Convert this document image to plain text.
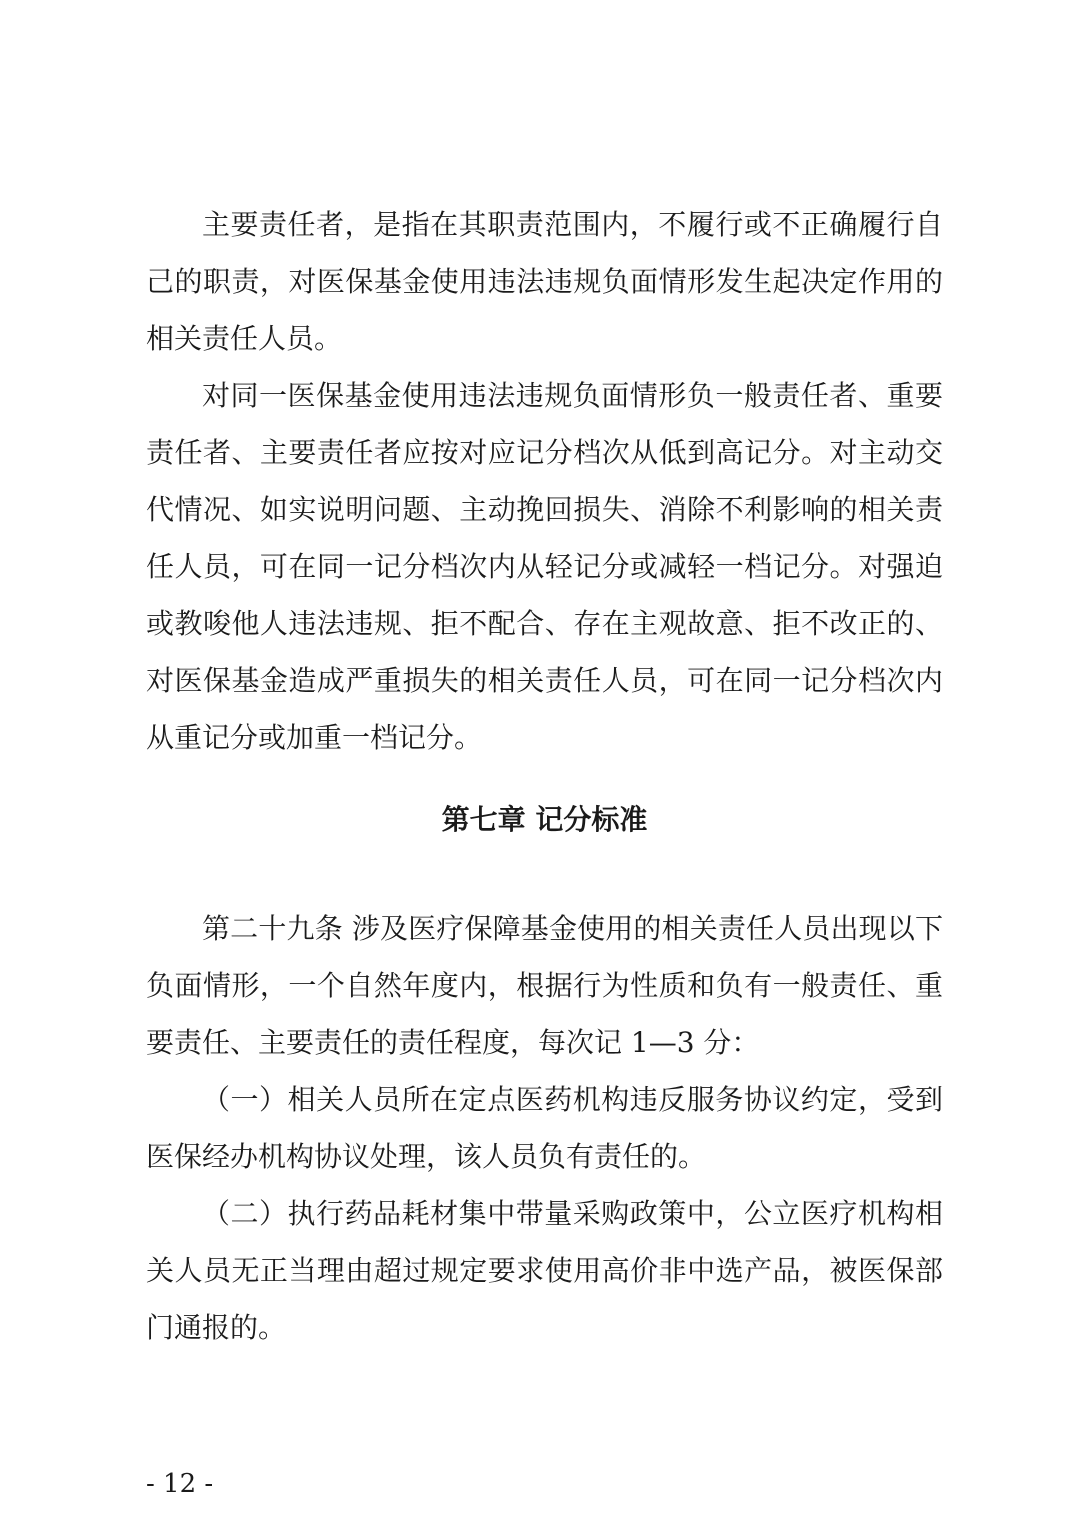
主要责任者，是指在其职责范围内，不履行或不正确履行自己的职责，对医保基金使用违法违规负面情形发生起决定作用的相关责任人员。

对同一医保基金使用违法违规负面情形负一般责任者、重要责任者、主要责任者应按对应记分档次从低到高记分。对主动交代情况、如实说明问题、主动挽回损失、消除不利影响的相关责任人员，可在同一记分档次内从轻记分或减轻一档记分。对强迫或教唆他人违法违规、拒不配合、存在主观故意、拒不改正的、对医保基金造成严重损失的相关责任人员，可在同一记分档次内从重记分或加重一档记分。

第七章 记分标准

第二十九条 涉及医疗保障基金使用的相关责任人员出现以下负面情形，一个自然年度内，根据行为性质和负有一般责任、重要责任、主要责任的责任程度，每次记 1—3 分：

（一）相关人员所在定点医药机构违反服务协议约定，受到医保经办机构协议处理，该人员负有责任的。

（二）执行药品耗材集中带量采购政策中，公立医疗机构相关人员无正当理由超过规定要求使用高价非中选产品，被医保部门通报的。

- 12 -
